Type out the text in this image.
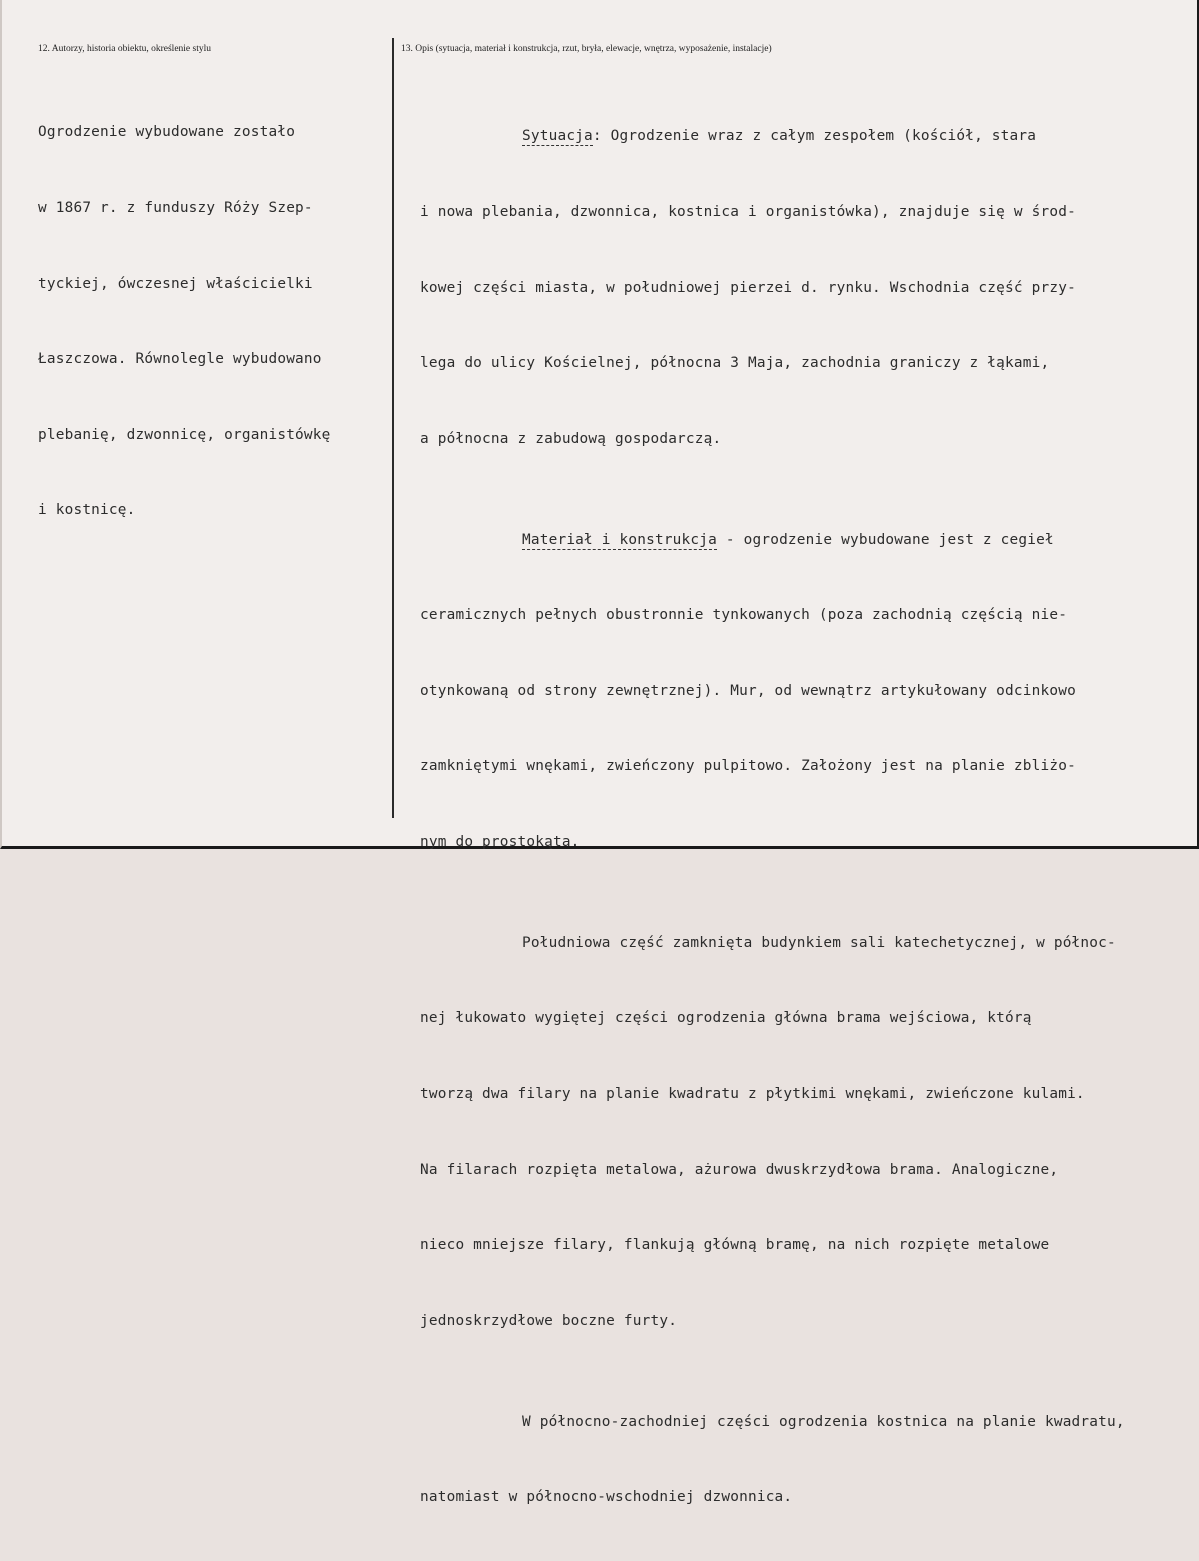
12. Autorzy, historia obiektu, określenie stylu	13. Opis (sytuacja, materiał i konstrukcja, rzut, bryła, elewacje, wnętrza, wyposażenie, instalacje)

Ogrodzenie wybudowane zostało

w 1867 r. z funduszy Róży Szep-

tyckiej, ówczesnej właścicielki

Łaszczowa. Równolegle wybudowano

plebanię, dzwonnicę, organistówkę

i kostnicę.

Sytuacja: Ogrodzenie wraz z całym zespołem (kościół, stara

i nowa plebania, dzwonnica, kostnica i organistówka), znajduje się w środ-

kowej części miasta, w południowej pierzei d. rynku. Wschodnia część przy-

lega do ulicy Kościelnej, północna 3 Maja, zachodnia graniczy z łąkami,

a północna z zabudową gospodarczą.

Materiał i konstrukcja - ogrodzenie wybudowane jest z cegieł

ceramicznych pełnych obustronnie tynkowanych (poza zachodnią częścią nie-

otynkowaną od strony zewnętrznej). Mur, od wewnątrz artykułowany odcinkowo

zamkniętymi wnękami, zwieńczony pulpitowo. Założony jest na planie zbliżo-

nym do prostokąta.

Południowa część zamknięta budynkiem sali katechetycznej, w północ-

nej łukowato wygiętej części ogrodzenia główna brama wejściowa, którą

tworzą dwa filary na planie kwadratu z płytkimi wnękami, zwieńczone kulami.

Na filarach rozpięta metalowa, ażurowa dwuskrzydłowa brama. Analogiczne,

nieco mniejsze filary, flankują główną bramę, na nich rozpięte metalowe

jednoskrzydłowe boczne furty.

W północno-zachodniej części ogrodzenia kostnica na planie kwadratu,

natomiast w północno-wschodniej dzwonnica.
